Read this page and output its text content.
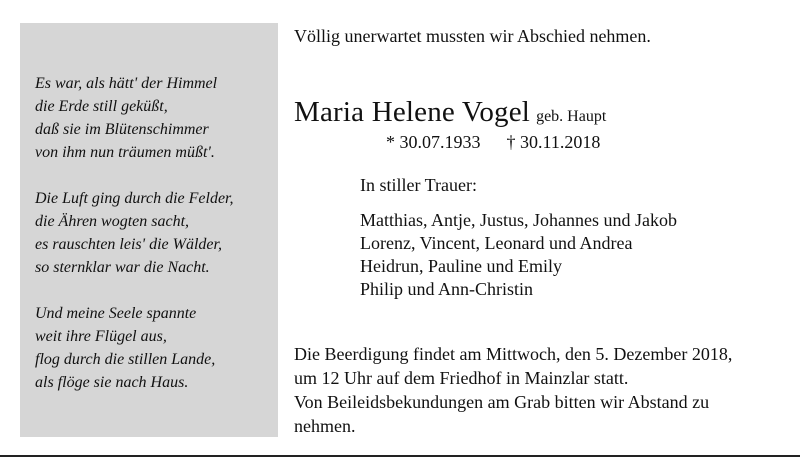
Es war, als hätt' der Himmel
die Erde still geküßt,
daß sie im Blütenschimmer
von ihm nun träumen müßt'.
Die Luft ging durch die Felder,
die Ähren wogten sacht,
es rauschten leis' die Wälder,
so sternklar war die Nacht.
Und meine Seele spannte
weit ihre Flügel aus,
flog durch die stillen Lande,
als flöge sie nach Haus.
Völlig unerwartet mussten wir Abschied nehmen.
Maria Helene Vogel geb. Haupt
* 30.07.1933 † 30.11.2018
In stiller Trauer:
Matthias, Antje, Justus, Johannes und Jakob
Lorenz, Vincent, Leonard und Andrea
Heidrun, Pauline und Emily
Philip und Ann-Christin
Die Beerdigung findet am Mittwoch, den 5. Dezember 2018,
um 12 Uhr auf dem Friedhof in Mainzlar statt.
Von Beileidsbekundungen am Grab bitten wir Abstand zu
nehmen.
